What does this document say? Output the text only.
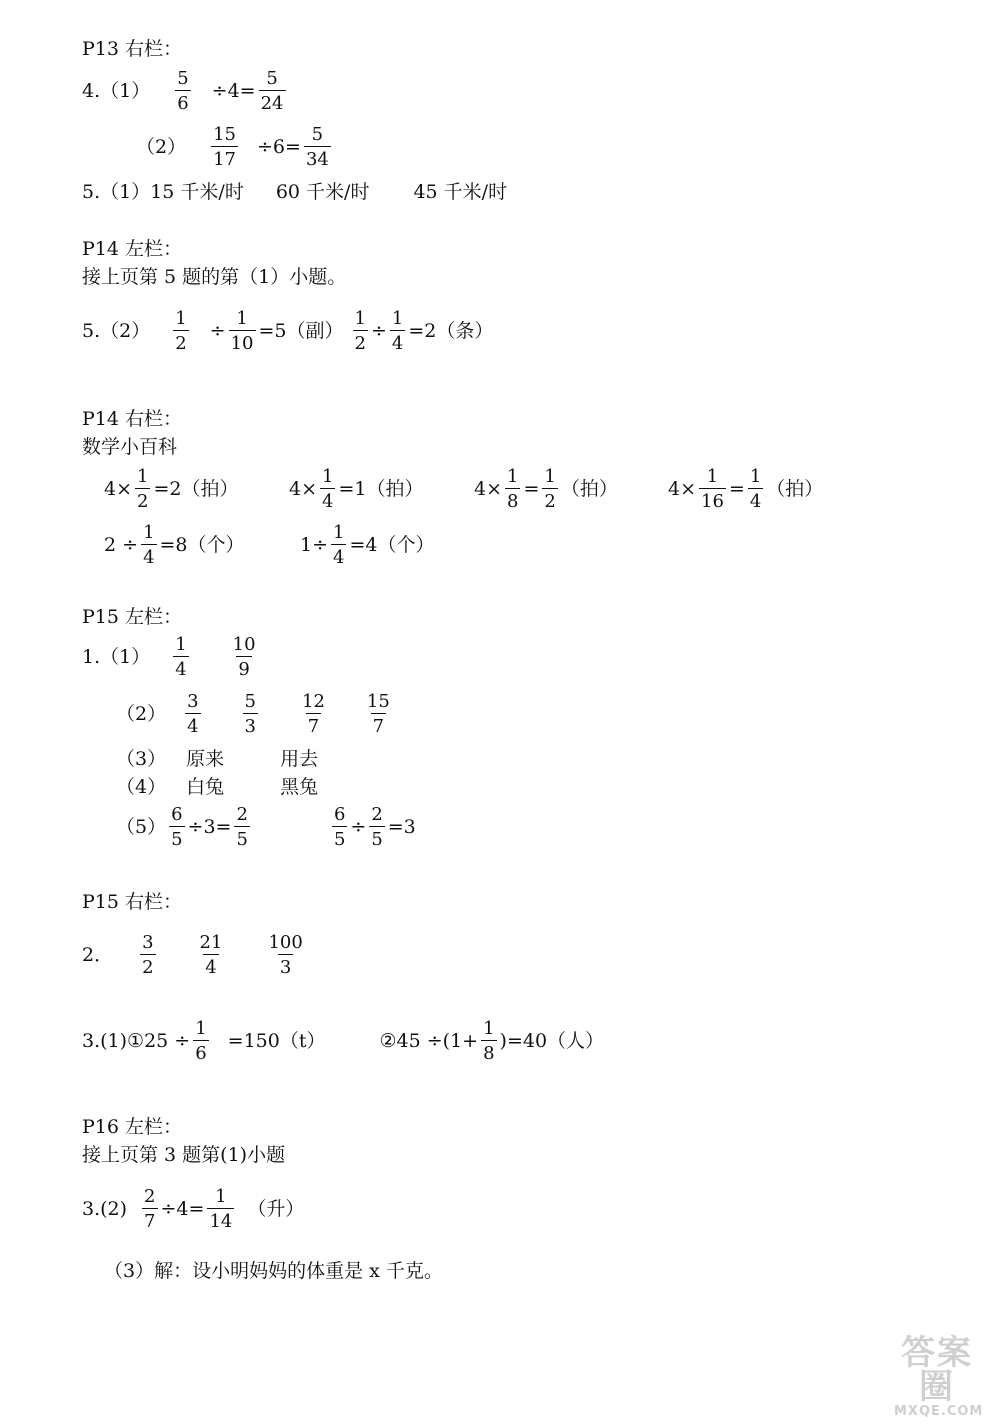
P13 右栏：
$4.(1) \frac{5}{6} \div 4= \frac{5}{24}$
$(2) \frac{15}{17} \div 6= \frac{5}{34}$
5.（1）15 千米/时 60 千米/时 45 千米/时
P14 左栏：
接上页第 5 题的第（1）小题。
$5.(2) \frac{1}{2} \div \frac{1}{10} =5$（副） $\frac{1}{2} \div \frac{1}{4} =2$（条）
P14 右栏：
数学小百科
$4\times \frac{1}{2} =2$（拍）	$4\times \frac{1}{4} =1$（拍）	$4\times \frac{1}{8} = \frac{1}{2}$ （拍）	$4\times \frac{1}{16} = \frac{1}{4}$ （拍）
$2 \div \frac{1}{4} =8$（个）	$1\div \frac{1}{4} =4$（个）
P15 左栏：
$1.(1) \frac{1}{4} \frac{10}{9}$
$(2) \frac{3}{4} \frac{5}{3} \frac{12}{7} \frac{15}{7}$
（3） 原来	用去
（4） 白兔	黑兔
$(5) \frac{6}{5} \div 3= \frac{2}{5}$	$\frac{6}{5} \div \frac{2}{5} =3$
P15 右栏：
2． $\frac{3}{2} \frac{21}{4} \frac{100}{3}$
3.(1)①25 ÷ $\frac{1}{6} =150(t)$	②45 $\div(1+ \frac{1}{8} )=40$（人）
P16 左栏：
接上页第 3 题第(1)小题
$3.(2) \frac{2}{7} \div 4= \frac{1}{14}$ （升）
（3）解：设小明妈妈的体重是 x 千克。
答案圈
MXQE.COM
